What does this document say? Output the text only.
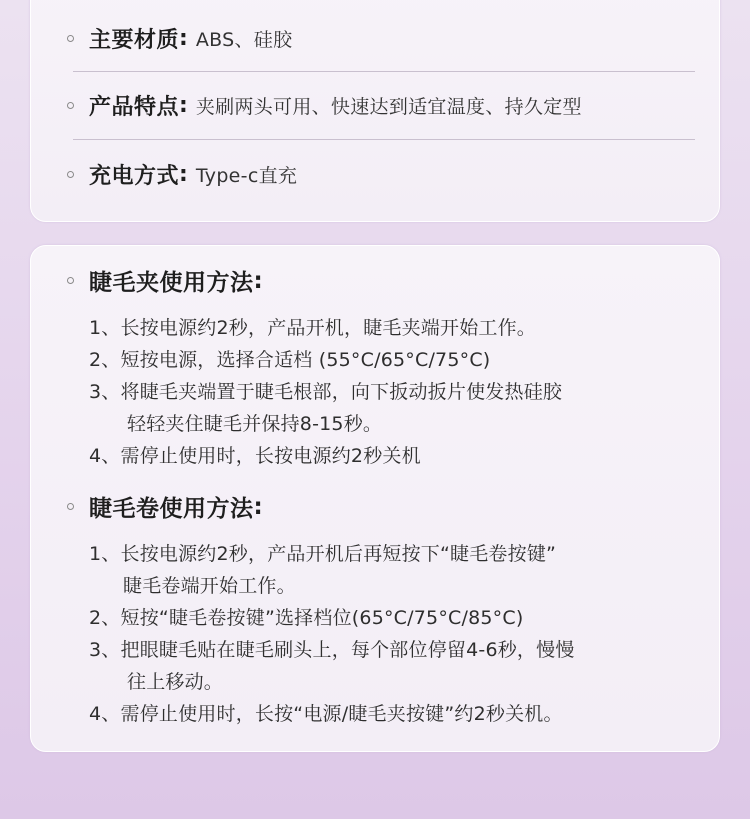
主要材质 : ABS、硅胶
产品特点 : 夹刷两头可用、快速达到适宜温度、持久定型
充电方式 : Type-c直充
睫毛夹使用方法 :
1、长按电源约2秒，产品开机，睫毛夹端开始工作。
2、短按电源，选择合适档 (55°C/65°C/75°C)
3、将睫毛夹端置于睫毛根部，向下扳动扳片使发热硅胶
轻轻夹住睫毛并保持8-15秒。
4、需停止使用时，长按电源约2秒关机
睫毛卷使用方法 :
1、长按电源约2秒，产品开机后再短按下“睫毛卷按键”
睫毛卷端开始工作。
2、短按“睫毛卷按键”选择档位(65°C/75°C/85°C)
3、把眼睫毛贴在睫毛刷头上，每个部位停留4-6秒，慢慢
往上移动。
4、需停止使用时，长按“电源/睫毛夹按键”约2秒关机。
